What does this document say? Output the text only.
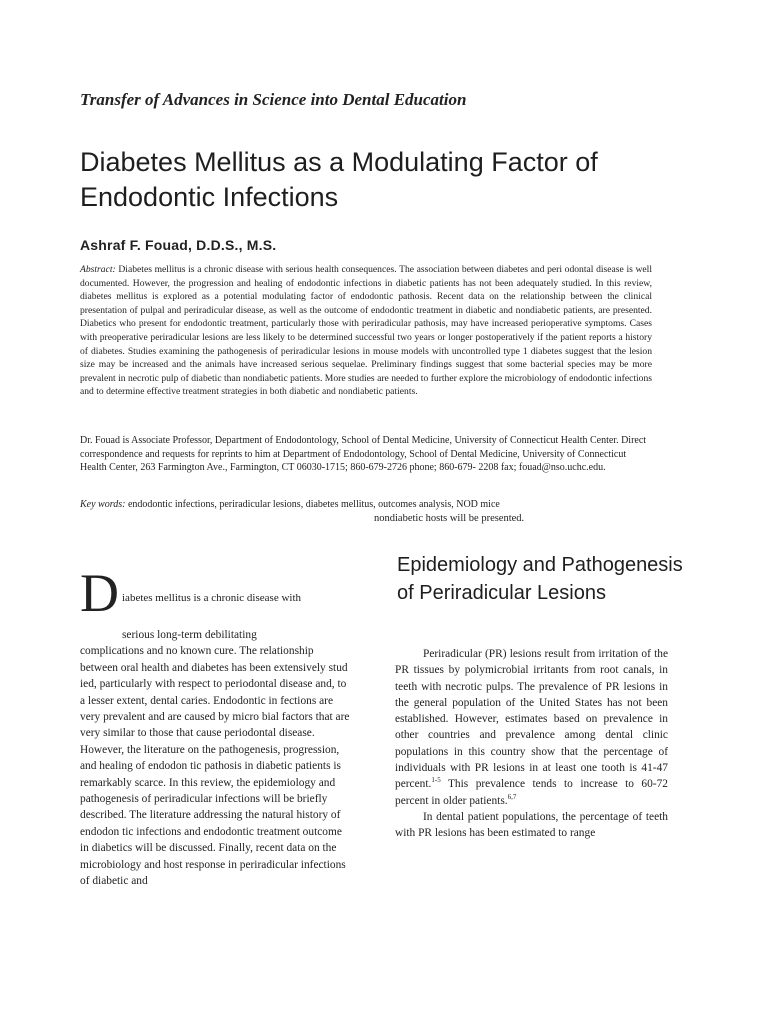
Transfer of Advances in Science into Dental Education
Diabetes Mellitus as a Modulating Factor of Endodontic Infections
Ashraf F. Fouad, D.D.S., M.S.

Abstract: Diabetes mellitus is a chronic disease with serious health consequences. The association between diabetes and peri odontal disease is well documented. However, the progression and healing of endodontic infections in diabetic patients has not been adequately studied. In this review, diabetes mellitus is explored as a potential modulating factor of endodontic pathosis. Recent data on the relationship between the clinical presentation of pulpal and periradicular disease, as well as the outcome of endodontic treatment in diabetic and nondiabetic patients, are presented. Diabetics who present for endodontic treatment, particularly those with periradicular pathosis, may have increased perioperative symptoms. Cases with preoperative periradicular lesions are less likely to be determined successful two years or longer postoperatively if the patient reports a history of diabetes. Studies examining the pathogenesis of periradicular lesions in mouse models with uncontrolled type 1 diabetes suggest that the lesion size may be increased and the animals have increased serious sequelae. Preliminary findings suggest that some bacterial species may be more prevalent in necrotic pulp of diabetic than nondiabetic patients. More studies are needed to further explore the microbiology of endodontic infections and to determine effective treatment strategies in both diabetic and nondiabetic patients.

Dr. Fouad is Associate Professor, Department of Endodontology, School of Dental Medicine, University of Connecticut Health Center. Direct correspondence and requests for reprints to him at Department of Endodontology, School of Dental Medicine, University of Connecticut Health Center, 263 Farmington Ave., Farmington, CT 06030-1715; 860-679-2726 phone; 860-679- 2208 fax; fouad@nso.uchc.edu.

Key words: endodontic infections, periradicular lesions, diabetes mellitus, outcomes analysis, NOD mice

nondiabetic hosts will be presented.
D iabetes mellitus is a chronic disease with

serious long-term debilitating
complications and no known cure. The relationship between oral health and diabetes has been extensively stud ied, particularly with respect to periodontal disease and, to a lesser extent, dental caries. Endodontic in fections are very prevalent and are caused by micro bial factors that are very similar to those that cause periodontal disease. However, the literature on the pathogenesis, progression, and healing of endodon tic pathosis in diabetic patients is remarkably scarce. In this review, the epidemiology and pathogenesis of periradicular infections will be briefly described. The literature addressing the natural history of endodon tic infections and endodontic treatment outcome in diabetics will be discussed. Finally, recent data on the microbiology and host response in periradicular infections of diabetic and

Epidemiology and Pathogenesis of Periradicular Lesions

Periradicular (PR) lesions result from irritation of the PR tissues by polymicrobial irritants from root canals, in teeth with necrotic pulps. The prevalence of PR lesions in the general population of the United States has not been established. However, estimates based on prevalence in other countries and prevalence among dental clinic populations in this country show that the percentage of individuals with PR lesions in at least one tooth is 41-47 percent.$^{1-5}$ This prevalence tends to increase to 60-72 percent in older patients.$^{6,7}$

In dental patient populations, the percentage of teeth with PR lesions has been estimated to range
